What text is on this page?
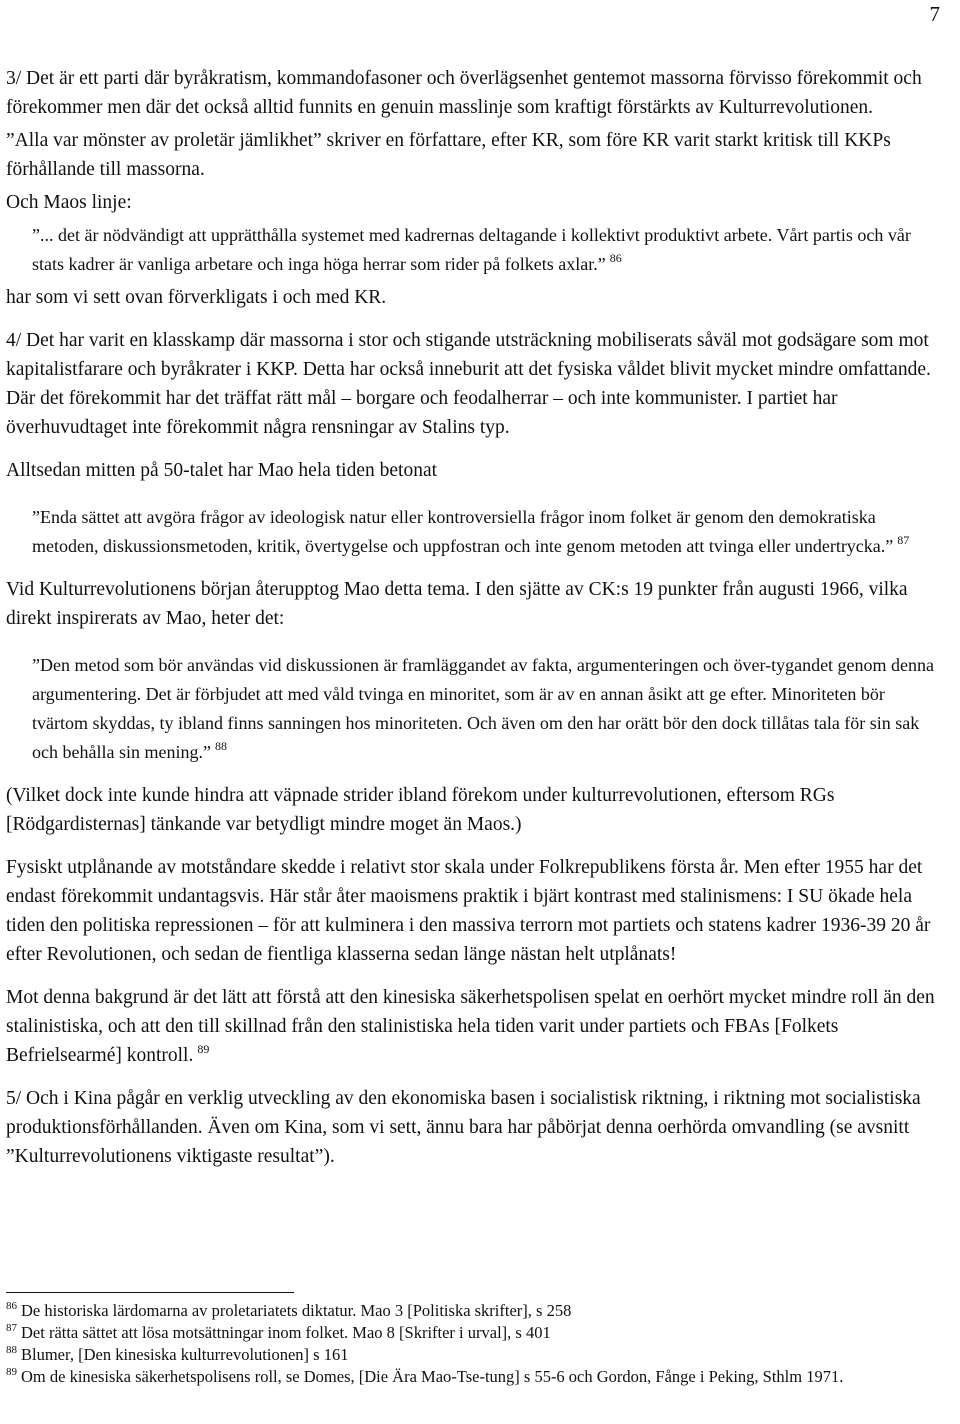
7

3/ Det är ett parti där byråkratism, kommandofasoner och överlägsenhet gentemot massorna förvisso förekommit och förekommer men där det också alltid funnits en genuin masslinje som kraftigt förstärkts av Kulturrevolutionen.

”Alla var mönster av proletär jämlikhet” skriver en författare, efter KR, som före KR varit starkt kritisk till KKPs förhållande till massorna.

Och Maos linje:

”... det är nödvändigt att upprätthålla systemet med kadrernas deltagande i kollektivt produktivt arbete. Vårt partis och vår stats kadrer är vanliga arbetare och inga höga herrar som rider på folkets axlar.” $^{86}$

har som vi sett ovan förverkligats i och med KR.

4/ Det har varit en klasskamp där massorna i stor och stigande utsträckning mobiliserats såväl mot godsägare som mot kapitalistfarare och byråkrater i KKP. Detta har också inneburit att det fysiska våldet blivit mycket mindre omfattande. Där det förekommit har det träffat rätt mål – borgare och feodalherrar – och inte kommunister. I partiet har överhuvudtaget inte förekommit några rensningar av Stalins typ.

Alltsedan mitten på 50-talet har Mao hela tiden betonat

”Enda sättet att avgöra frågor av ideologisk natur eller kontroversiella frågor inom folket är genom den demokratiska metoden, diskussionsmetoden, kritik, övertygelse och uppfostran och inte genom metoden att tvinga eller undertrycka.” $^{87}$

Vid Kulturrevolutionens början återupptog Mao detta tema. I den sjätte av CK:s 19 punkter från augusti 1966, vilka direkt inspirerats av Mao, heter det:

”Den metod som bör användas vid diskussionen är framläggandet av fakta, argumenteringen och över-tygandet genom denna argumentering. Det är förbjudet att med våld tvinga en minoritet, som är av en annan åsikt att ge efter. Minoriteten bör tvärtom skyddas, ty ibland finns sanningen hos minoriteten. Och även om den har orätt bör den dock tillåtas tala för sin sak och behålla sin mening.” $^{88}$

(Vilket dock inte kunde hindra att väpnade strider ibland förekom under kulturrevolutionen, eftersom RGs [Rödgardisternas] tänkande var betydligt mindre moget än Maos.)

Fysiskt utplånande av motståndare skedde i relativt stor skala under Folkrepublikens första år. Men efter 1955 har det endast förekommit undantagsvis. Här står åter maoismens praktik i bjärt kontrast med stalinismens: I SU ökade hela tiden den politiska repressionen – för att kulminera i den massiva terrorn mot partiets och statens kadrer 1936-39 20 år efter Revolutionen, och sedan de fientliga klasserna sedan länge nästan helt utplånats!

Mot denna bakgrund är det lätt att förstå att den kinesiska säkerhetspolisen spelat en oerhört mycket mindre roll än den stalinistiska, och att den till skillnad från den stalinistiska hela tiden varit under partiets och FBAs [Folkets Befrielsearmé] kontroll. $^{89}$

5/ Och i Kina pågår en verklig utveckling av den ekonomiska basen i socialistisk riktning, i riktning mot socialistiska produktionsförhållanden. Även om Kina, som vi sett, ännu bara har påbörjat denna oerhörda omvandling (se avsnitt ”Kulturrevolutionens viktigaste resultat”).

$^{86}$ De historiska lärdomarna av proletariatets diktatur. Mao 3 [Politiska skrifter], s 258

$^{87}$ Det rätta sättet att lösa motsättningar inom folket. Mao 8 [Skrifter i urval], s 401

$^{88}$ Blumer, [Den kinesiska kulturrevolutionen] s 161

$^{89}$ Om de kinesiska säkerhetspolisens roll, se Domes, [Die Ära Mao-Tse-tung] s 55-6 och Gordon, Fånge i Peking, Sthlm 1971.
